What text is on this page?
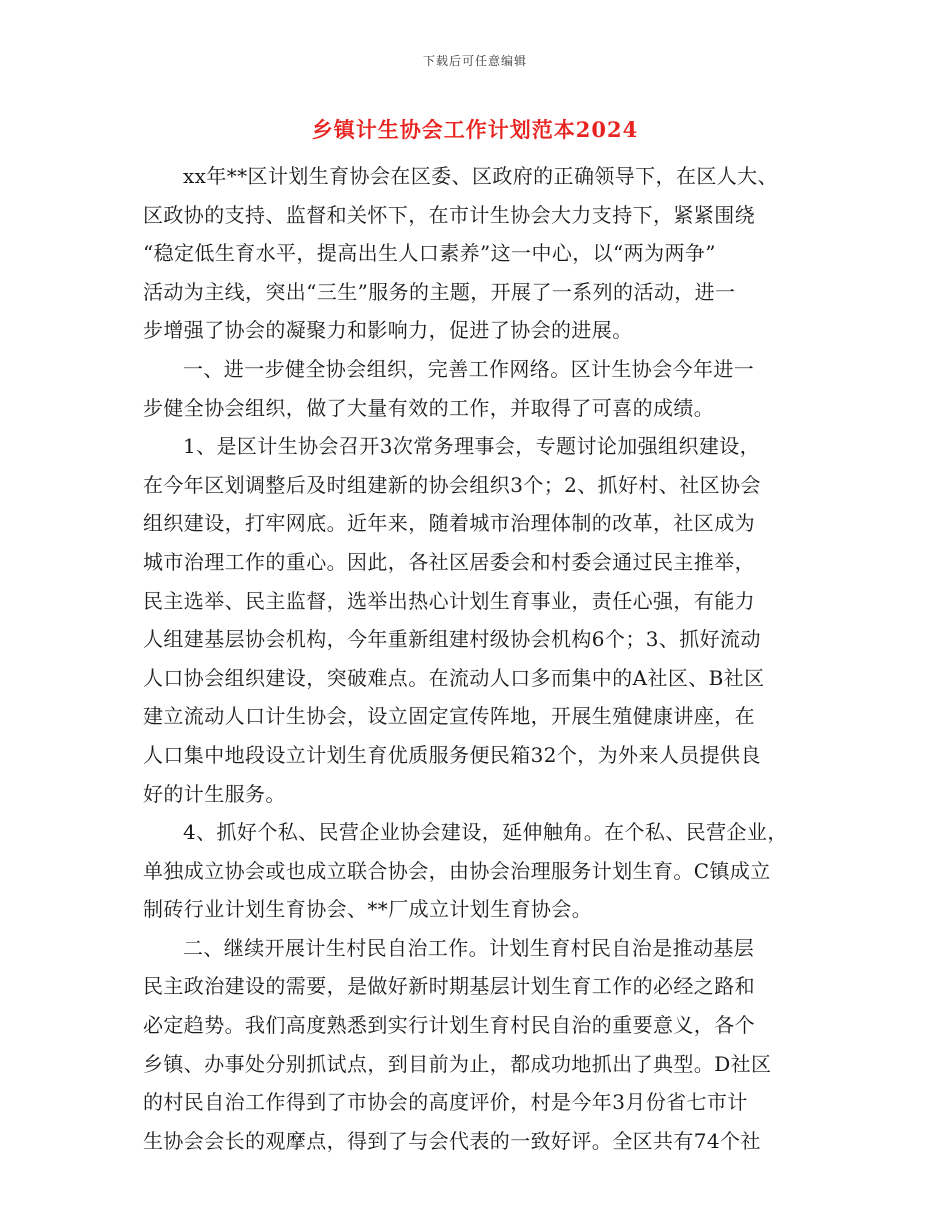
下载后可任意编辑
乡镇计生协会工作计划范本2024
xx年**区计划生育协会在区委、区政府的正确领导下，在区人大、
区政协的支持、监督和关怀下，在市计生协会大力支持下，紧紧围绕
“稳定低生育水平，提高出生人口素养”这一中心，以“两为两争”
活动为主线，突出“三生”服务的主题，开展了一系列的活动，进一
步增强了协会的凝聚力和影响力，促进了协会的进展。
一、进一步健全协会组织，完善工作网络。区计生协会今年进一
步健全协会组织，做了大量有效的工作，并取得了可喜的成绩。
1、是区计生协会召开3次常务理事会，专题讨论加强组织建设，
在今年区划调整后及时组建新的协会组织3个；2、抓好村、社区协会
组织建设，打牢网底。近年来，随着城市治理体制的改革，社区成为
城市治理工作的重心。因此，各社区居委会和村委会通过民主推举，
民主选举、民主监督，选举出热心计划生育事业，责任心强，有能力
人组建基层协会机构，今年重新组建村级协会机构6个；3、抓好流动
人口协会组织建设，突破难点。在流动人口多而集中的A社区、B社区
建立流动人口计生协会，设立固定宣传阵地，开展生殖健康讲座，在
人口集中地段设立计划生育优质服务便民箱32个，为外来人员提供良
好的计生服务。
4、抓好个私、民营企业协会建设，延伸触角。在个私、民营企业，
单独成立协会或也成立联合协会，由协会治理服务计划生育。C镇成立
制砖行业计划生育协会、**厂成立计划生育协会。
二、继续开展计生村民自治工作。计划生育村民自治是推动基层
民主政治建设的需要，是做好新时期基层计划生育工作的必经之路和
必定趋势。我们高度熟悉到实行计划生育村民自治的重要意义，各个
乡镇、办事处分别抓试点，到目前为止，都成功地抓出了典型。D社区
的村民自治工作得到了市协会的高度评价，村是今年3月份省七市计
生协会会长的观摩点，得到了与会代表的一致好评。全区共有74个社
